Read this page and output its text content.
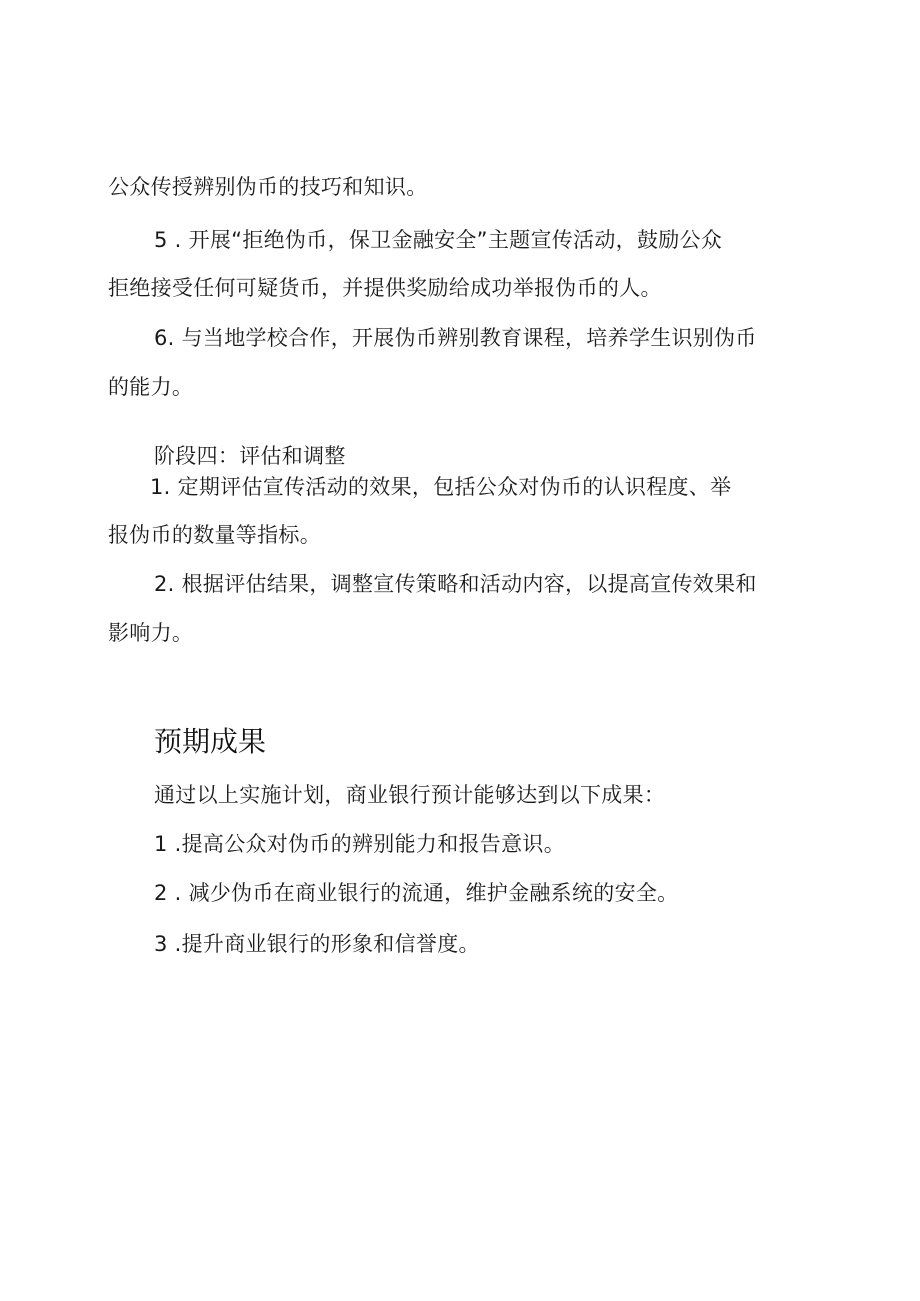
公众传授辨别伪币的技巧和知识。
5 . 开展“拒绝伪币，保卫金融安全”主题宣传活动，鼓励公众
拒绝接受任何可疑货币，并提供奖励给成功举报伪币的人。
6. 与当地学校合作，开展伪币辨别教育课程，培养学生识别伪币
的能力。
阶段四：评估和调整
1. 定期评估宣传活动的效果，包括公众对伪币的认识程度、举
报伪币的数量等指标。
2. 根据评估结果，调整宣传策略和活动内容，以提高宣传效果和
影响力。
预期成果
通过以上实施计划，商业银行预计能够达到以下成果：
1 .提高公众对伪币的辨别能力和报告意识。
2 . 减少伪币在商业银行的流通，维护金融系统的安全。
3 .提升商业银行的形象和信誉度。
